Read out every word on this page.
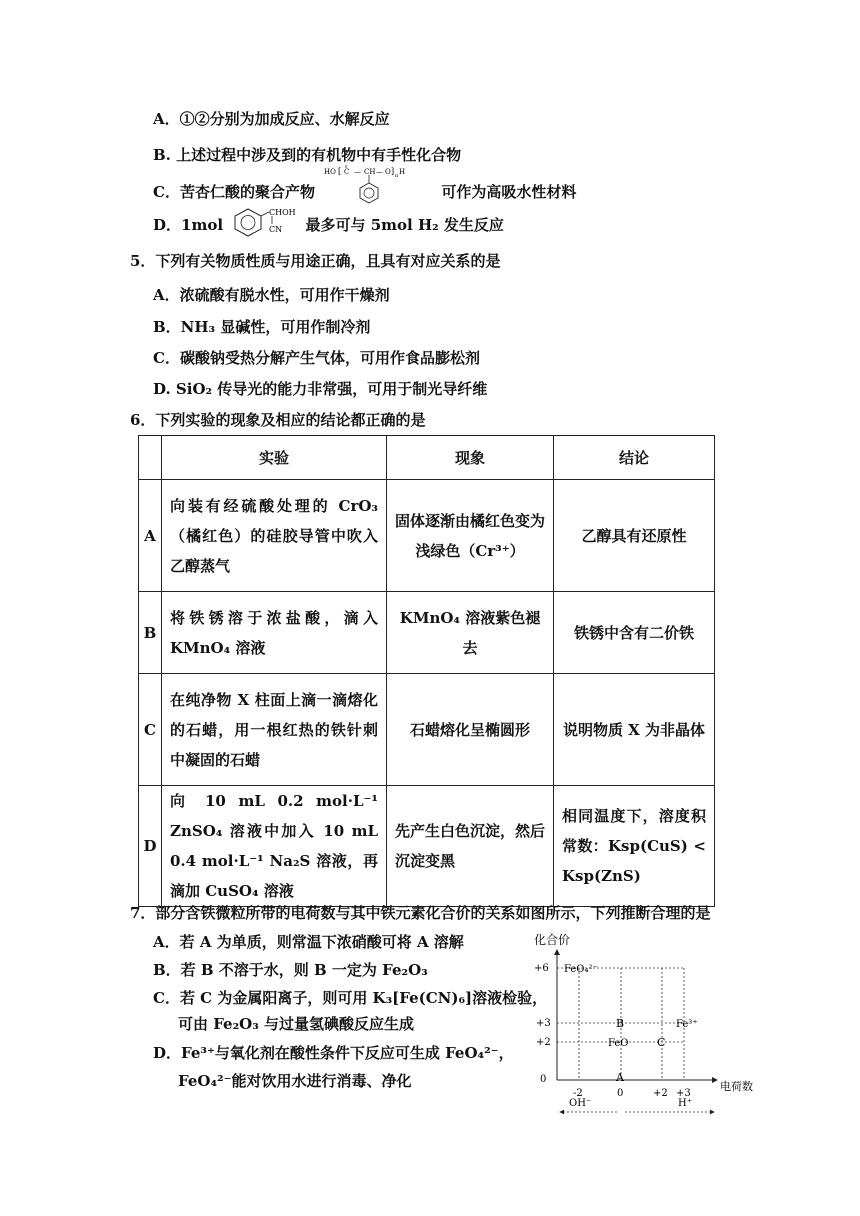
A．①②分别为加成反应、水解反应
B. 上述过程中涉及到的有机物中有手性化合物
C．苦杏仁酸的聚合产物
HO [ C — CH — O ] n H
可作为高吸水性材料
D．1mol
CHOH
CN 最多可与 5mol H₂ 发生反应
5．下列有关物质性质与用途正确，且具有对应关系的是
A．浓硫酸有脱水性，可用作干燥剂
B．NH₃ 显碱性，可用作制冷剂
C．碳酸钠受热分解产生气体，可用作食品膨松剂
D. SiO₂ 传导光的能力非常强，可用于制光导纤维
6．下列实验的现象及相应的结论都正确的是
	实验	现象	结论
A	向装有经硫酸处理的 CrO₃（橘红色）的硅胶导管中吹入乙醇蒸气	固体逐渐由橘红色变为浅绿色（Cr³⁺）	乙醇具有还原性
B	将铁锈溶于浓盐酸，滴入 KMnO₄ 溶液	KMnO₄ 溶液紫色褪去	铁锈中含有二价铁
C	在纯净物 X 柱面上滴一滴熔化的石蜡，用一根红热的铁针刺中凝固的石蜡	石蜡熔化呈椭圆形	说明物质 X 为非晶体
D	向 10 mL 0.2 mol·L⁻¹ ZnSO₄ 溶液中加入 10 mL 0.4 mol·L⁻¹ Na₂S 溶液，再滴加 CuSO₄ 溶液	先产生白色沉淀，然后沉淀变黑	相同温度下，溶度积常数：Ksp(CuS) < Ksp(ZnS)
7．部分含铁微粒所带的电荷数与其中铁元素化合价的关系如图所示，下列推断合理的是
A．若 A 为单质，则常温下浓硝酸可将 A 溶解
B．若 B 不溶于水，则 B 一定为 Fe₂O₃
C．若 C 为金属阳离子，则可用 K₃[Fe(CN)₆]溶液检验，
可由 Fe₂O₃ 与过量氢碘酸反应生成
D．Fe³⁺与氧化剂在酸性条件下反应可生成 FeO₄²⁻，
FeO₄²⁻能对饮用水进行消毒、净化
化合价
电荷数
+6
+3
+2
0
-2	0	+2 +3
FeO₄²⁻
B	Fe³⁺
FeO	C
A
OH⁻	H⁺
